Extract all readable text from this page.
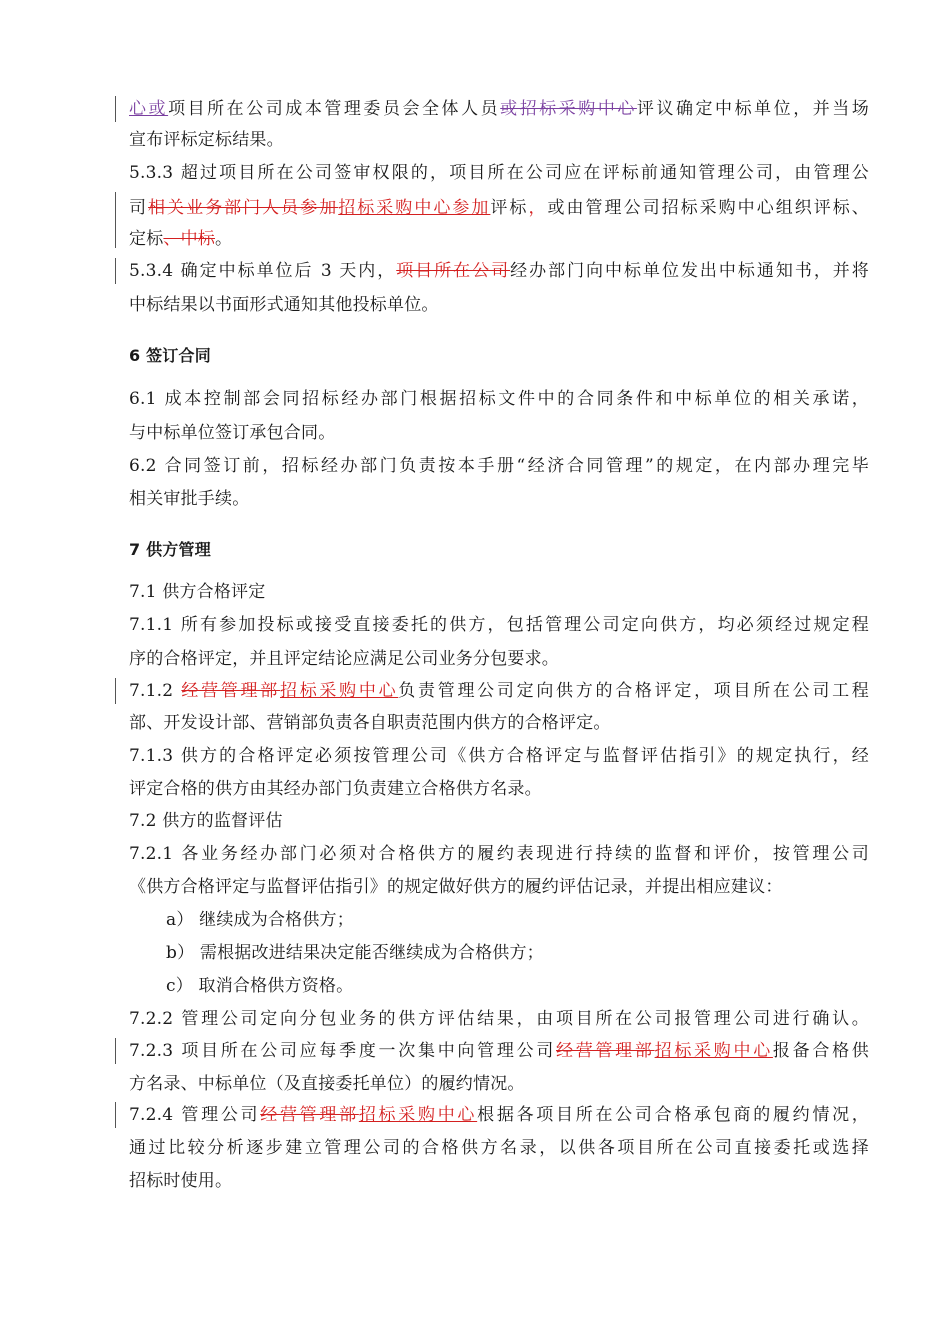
心或项目所在公司成本管理委员会全体人员或招标采购中心评议确定中标单位，并当场
宣布评标定标结果。
5.3.3 超过项目所在公司签审权限的，项目所在公司应在评标前通知管理公司，由管理公
司相关业务部门人员参加招标采购中心参加评标，或由管理公司招标采购中心组织评标、
定标、中标。
5.3.4 确定中标单位后 3 天内，项目所在公司经办部门向中标单位发出中标通知书，并将
中标结果以书面形式通知其他投标单位。
6 签订合同
6.1 成本控制部会同招标经办部门根据招标文件中的合同条件和中标单位的相关承诺，
与中标单位签订承包合同。
6.2 合同签订前，招标经办部门负责按本手册“经济合同管理”的规定，在内部办理完毕
相关审批手续。
7 供方管理
7.1 供方合格评定
7.1.1 所有参加投标或接受直接委托的供方，包括管理公司定向供方，均必须经过规定程
序的合格评定，并且评定结论应满足公司业务分包要求。
7.1.2 经营管理部招标采购中心负责管理公司定向供方的合格评定，项目所在公司工程
部、开发设计部、营销部负责各自职责范围内供方的合格评定。
7.1.3 供方的合格评定必须按管理公司《供方合格评定与监督评估指引》的规定执行，经
评定合格的供方由其经办部门负责建立合格供方名录。
7.2 供方的监督评估
7.2.1 各业务经办部门必须对合格供方的履约表现进行持续的监督和评价，按管理公司
《供方合格评定与监督评估指引》的规定做好供方的履约评估记录，并提出相应建议：
a） 继续成为合格供方；
b） 需根据改进结果决定能否继续成为合格供方；
c） 取消合格供方资格。
7.2.2 管理公司定向分包业务的供方评估结果，由项目所在公司报管理公司进行确认。
7.2.3 项目所在公司应每季度一次集中向管理公司经营管理部招标采购中心报备合格供
方名录、中标单位（及直接委托单位）的履约情况。
7.2.4 管理公司经营管理部招标采购中心根据各项目所在公司合格承包商的履约情况，
通过比较分析逐步建立管理公司的合格供方名录，以供各项目所在公司直接委托或选择
招标时使用。
